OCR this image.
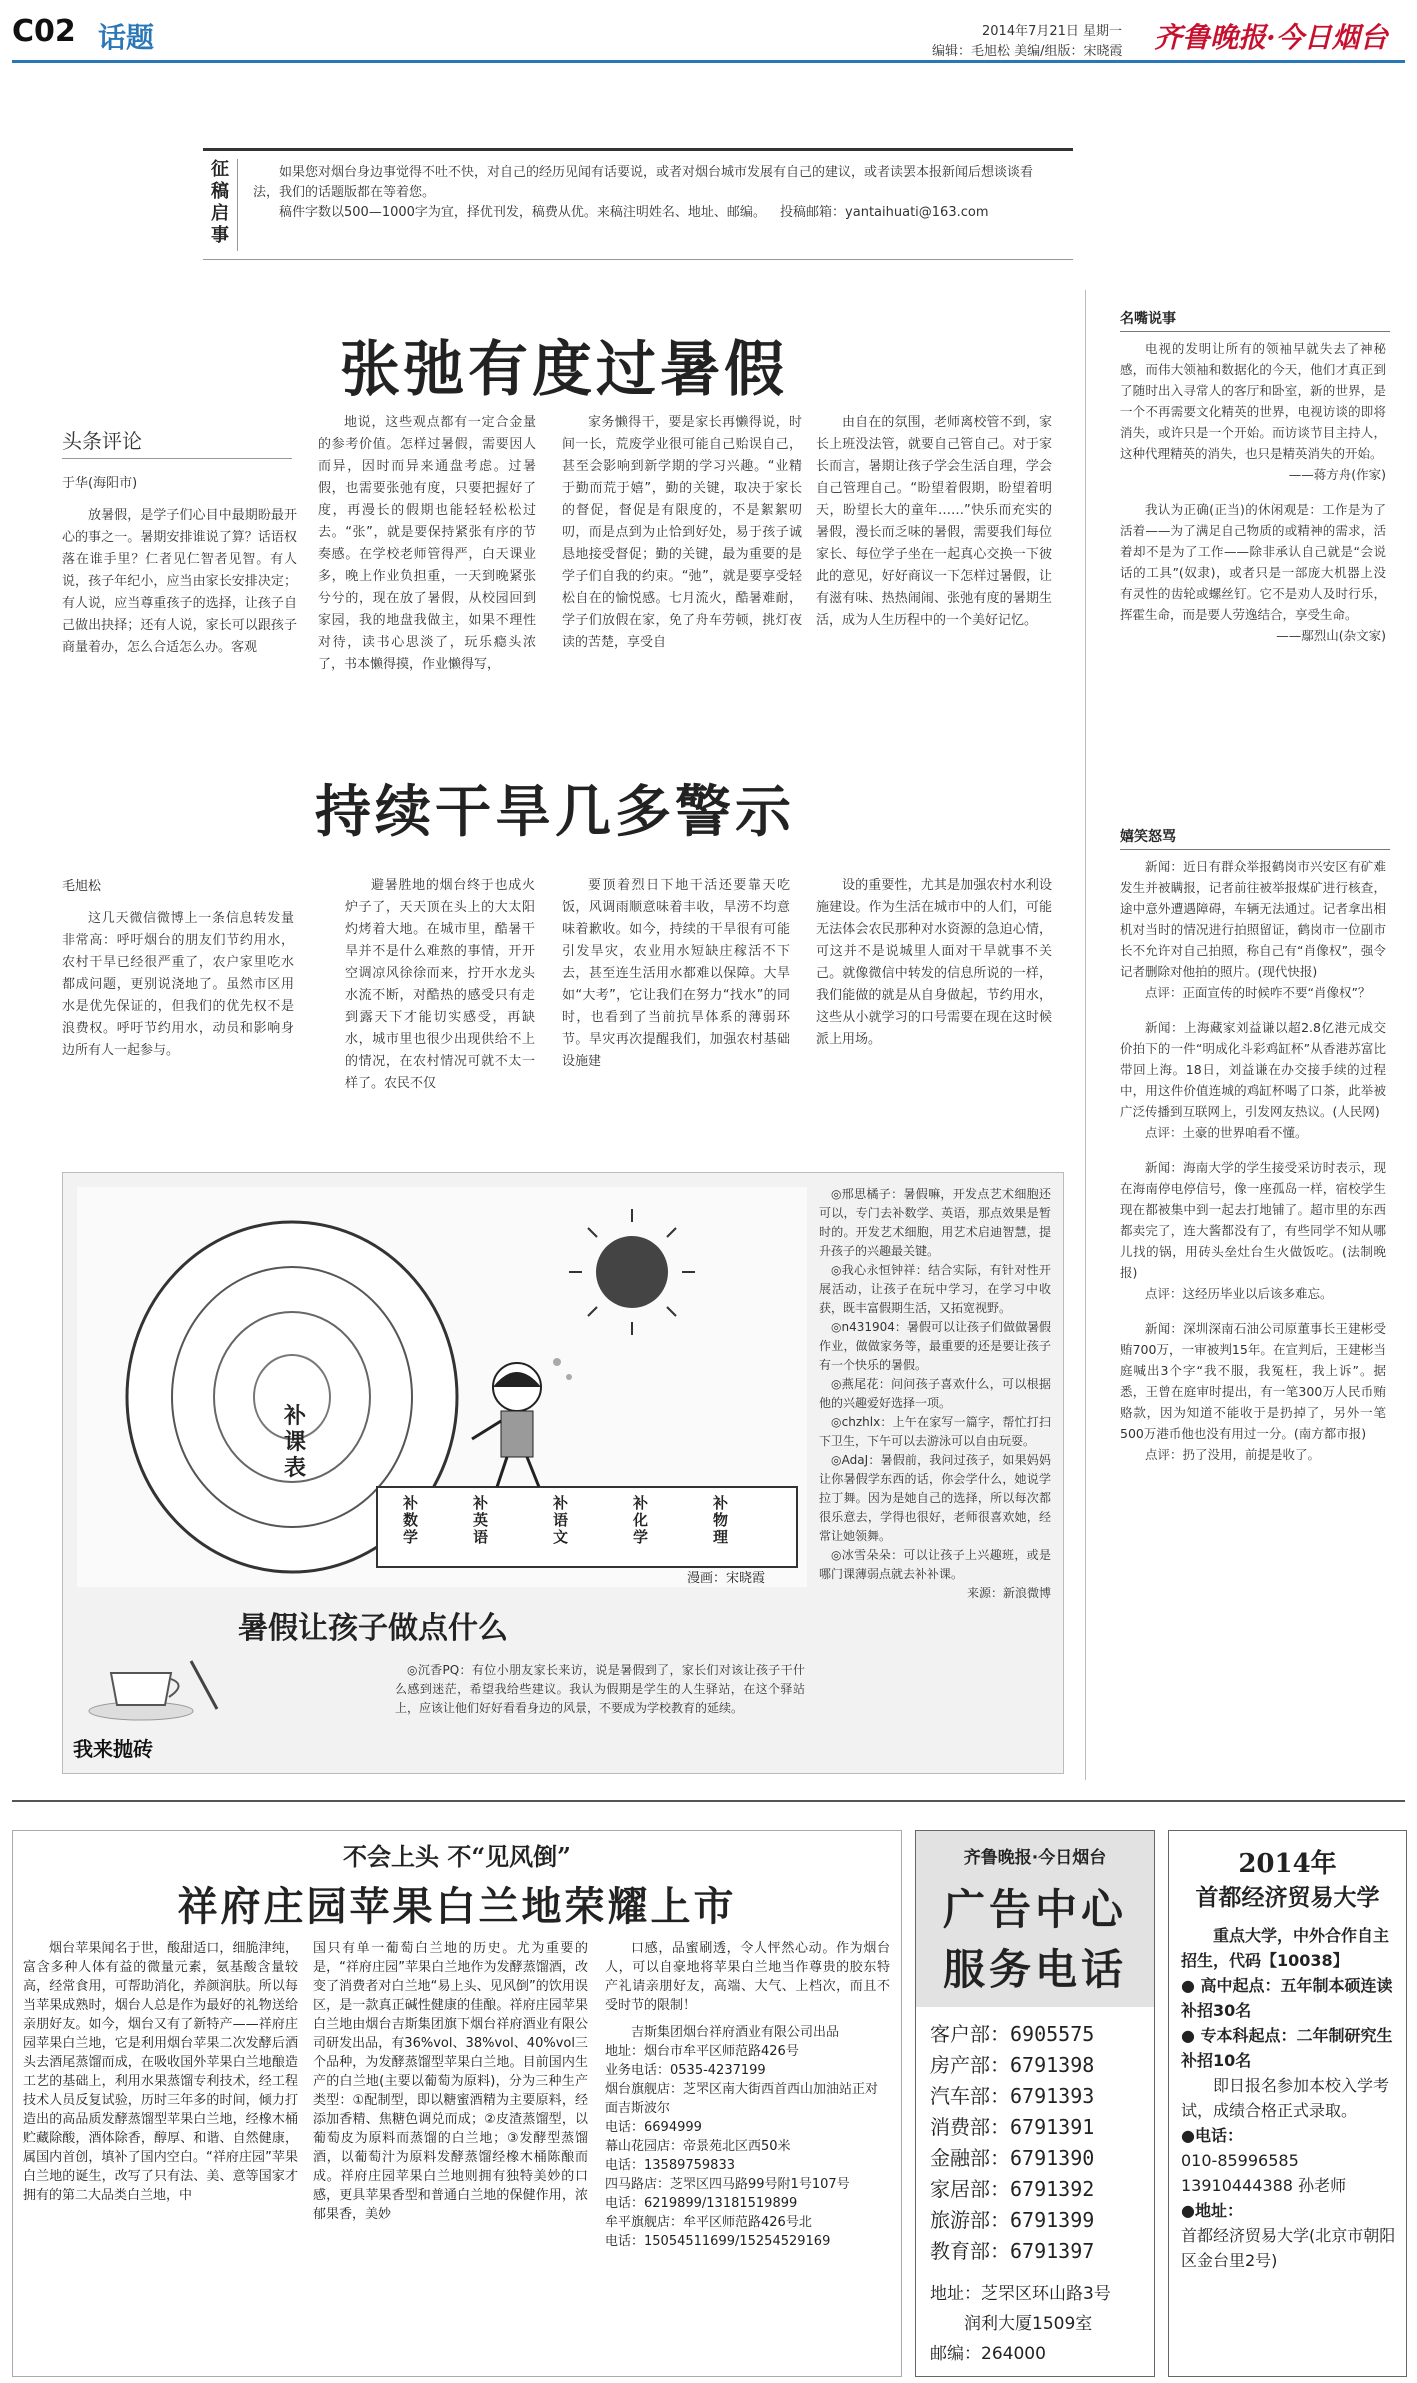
C02 话题	2014年7月21日 星期一
编辑：毛旭松 美编/组版：宋晓霞 齐鲁晚报·今日烟台
征稿启事
如果您对烟台身边事觉得不吐不快，对自己的经历见闻有话要说，或者对烟台城市发展有自己的建议，或者读罢本报新闻后想谈谈看法，我们的话题版都在等着您。
稿件字数以500—1000字为宜，择优刊发，稿费从优。来稿注明姓名、地址、邮编。 投稿邮箱：yantaihuati@163.com
张弛有度过暑假
头条评论
于华(海阳市)

放暑假，是学子们心目中最期盼最开心的事之一。暑期安排谁说了算？话语权落在谁手里？仁者见仁智者见智。有人说，孩子年纪小，应当由家长安排决定；有人说，应当尊重孩子的选择，让孩子自己做出抉择；还有人说，家长可以跟孩子商量着办，怎么合适怎么办。客观

地说，这些观点都有一定合金量的参考价值。怎样过暑假，需要因人而异，因时而异来通盘考虑。过暑假，也需要张弛有度，只要把握好了度，再漫长的假期也能轻轻松松过去。“张”，就是要保持紧张有序的节奏感。在学校老师管得严，白天课业多，晚上作业负担重，一天到晚紧张兮兮的，现在放了暑假，从校园回到家园，我的地盘我做主，如果不理性对待，读书心思淡了，玩乐瘾头浓了，书本懒得摸，作业懒得写，

家务懒得干，要是家长再懒得说，时间一长，荒废学业很可能自己贻误自己，甚至会影响到新学期的学习兴趣。“业精于勤而荒于嬉”，勤的关键，取决于家长的督促，督促是有限度的，不是絮絮叨叨，而是点到为止恰到好处，易于孩子诚恳地接受督促；勤的关键，最为重要的是学子们自我的约束。“弛”，就是要享受轻松自在的愉悦感。七月流火，酷暑难耐，学子们放假在家，免了舟车劳顿，挑灯夜读的苦楚，享受自

由自在的氛围，老师离校管不到，家长上班没法管，就要自己管自己。对于家长而言，暑期让孩子学会生活自理，学会自己管理自己。“盼望着假期，盼望着明天，盼望长大的童年……”快乐而充实的暑假，漫长而乏味的暑假，需要我们每位家长、每位学子坐在一起真心交换一下彼此的意见，好好商议一下怎样过暑假，让有滋有味、热热闹闹、张弛有度的暑期生活，成为人生历程中的一个美好记忆。

持续干旱几多警示
毛旭松

这几天微信微博上一条信息转发量非常高：呼吁烟台的朋友们节约用水，农村干旱已经很严重了，农户家里吃水都成问题，更别说浇地了。虽然市区用水是优先保证的，但我们的优先权不是浪费权。呼吁节约用水，动员和影响身边所有人一起参与。

避暑胜地的烟台终于也成火炉子了，天天顶在头上的大太阳灼烤着大地。在城市里，酷暑干旱并不是什么难熬的事情，开开空调凉风徐徐而来，拧开水龙头水流不断，对酷热的感受只有走到露天下才能切实感受，再缺水，城市里也很少出现供给不上的情况，在农村情况可就不太一样了。农民不仅

要顶着烈日下地干活还要靠天吃饭，风调雨顺意味着丰收，旱涝不均意味着歉收。如今，持续的干旱很有可能引发旱灾，农业用水短缺庄稼活不下去，甚至连生活用水都难以保障。大旱如“大考”，它让我们在努力“找水”的同时，也看到了当前抗旱体系的薄弱环节。旱灾再次提醒我们，加强农村基础设施建

设的重要性，尤其是加强农村水利设施建设。作为生活在城市中的人们，可能无法体会农民那种对水资源的急迫心情，可这并不是说城里人面对干旱就事不关己。就像微信中转发的信息所说的一样，我们能做的就是从自身做起，节约用水，这些从小就学习的口号需要在现在这时候派上用场。

补课表
补数学
补英语
补语文
补化学
补物理
漫画：宋晓霞
暑假让孩子做点什么
◎邢思橘子：暑假嘛，开发点艺术细胞还可以，专门去补数学、英语，那点效果是暂时的。开发艺术细胞，用艺术启迪智慧，提升孩子的兴趣最关键。
◎我心永恒钟祥：结合实际，有针对性开展活动，让孩子在玩中学习，在学习中收获，既丰富假期生活，又拓宽视野。
◎n431904：暑假可以让孩子们做做暑假作业，做做家务等，最重要的还是要让孩子有一个快乐的暑假。
◎燕尾花：问问孩子喜欢什么，可以根据他的兴趣爱好选择一项。
◎chzhlx：上午在家写一篇字，帮忙打扫下卫生，下午可以去游泳可以自由玩耍。
◎AdaJ：暑假前，我问过孩子，如果妈妈让你暑假学东西的话，你会学什么，她说学拉丁舞。因为是她自己的选择，所以每次都很乐意去，学得也很好，老师很喜欢她，经常让她领舞。
◎冰雪朵朵：可以让孩子上兴趣班，或是哪门课薄弱点就去补补课。
来源：新浪微博
我来抛砖
◎沉香PQ：有位小朋友家长来访，说是暑假到了，家长们对该让孩子干什么感到迷茫，希望我给些建议。我认为假期是学生的人生驿站，在这个驿站上，应该让他们好好看看身边的风景，不要成为学校教育的延续。
名嘴说事

电视的发明让所有的领袖早就失去了神秘感，而伟大领袖和数据化的今天，他们才真正到了随时出入寻常人的客厅和卧室，新的世界，是一个不再需要文化精英的世界，电视访谈的即将消失，或许只是一个开始。而访谈节目主持人，这种代理精英的消失，也只是精英消失的开始。

——蒋方舟(作家)

我认为正确(正当)的休闲观是：工作是为了活着——为了满足自己物质的或精神的需求，活着却不是为了工作——除非承认自己就是“会说话的工具”(奴隶)，或者只是一部庞大机器上没有灵性的齿轮或螺丝钉。它不是劝人及时行乐，挥霍生命，而是要人劳逸结合，享受生命。

——鄢烈山(杂文家)
嬉笑怒骂

新闻：近日有群众举报鹤岗市兴安区有矿难发生并被瞒报，记者前往被举报煤矿进行核查，途中意外遭遇障碍，车辆无法通过。记者拿出相机对当时的情况进行拍照留证，鹤岗市一位副市长不允许对自己拍照，称自己有“肖像权”，强令记者删除对他拍的照片。(现代快报)

点评：正面宣传的时候咋不要“肖像权”？

新闻：上海藏家刘益谦以超2.8亿港元成交价拍下的一件“明成化斗彩鸡缸杯”从香港苏富比带回上海。18日，刘益谦在办交接手续的过程中，用这件价值连城的鸡缸杯喝了口茶，此举被广泛传播到互联网上，引发网友热议。(人民网)

点评：土豪的世界咱看不懂。

新闻：海南大学的学生接受采访时表示，现在海南停电停信号，像一座孤岛一样，宿校学生现在都被集中到一起去打地铺了。超市里的东西都卖完了，连大酱都没有了，有些同学不知从哪儿找的锅，用砖头垒灶台生火做饭吃。(法制晚报)

点评：这经历毕业以后该多难忘。

新闻：深圳深南石油公司原董事长王建彬受贿700万，一审被判15年。在宣判后，王建彬当庭喊出3个字“我不服，我冤枉，我上诉”。据悉，王曾在庭审时提出，有一笔300万人民币贿赂款，因为知道不能收于是扔掉了，另外一笔500万港币他也没有用过一分。(南方都市报)

点评：扔了没用，前提是收了。

不会上头 不“见风倒”
祥府庄园苹果白兰地荣耀上市
烟台苹果闻名于世，酸甜适口，细脆津纯，富含多种人体有益的微量元素，氨基酸含量较高，经常食用，可帮助消化，养颜润肤。所以每当苹果成熟时，烟台人总是作为最好的礼物送给亲朋好友。如今，烟台又有了新特产——祥府庄园苹果白兰地，它是利用烟台苹果二次发酵后酒头去酒尾蒸馏而成，在吸收国外苹果白兰地酿造工艺的基础上，利用水果蒸馏专利技术，经工程技术人员反复试验，历时三年多的时间，倾力打造出的高品质发酵蒸馏型苹果白兰地，经橡木桶贮藏除酸，酒体除香，醇厚、和谐、自然健康，属国内首创，填补了国内空白。“祥府庄园”苹果白兰地的诞生，改写了只有法、美、意等国家才拥有的第二大品类白兰地，中
国只有单一葡萄白兰地的历史。尤为重要的是，“祥府庄园”苹果白兰地作为发酵蒸馏酒，改变了消费者对白兰地“易上头、见风倒”的饮用误区，是一款真正碱性健康的佳酿。祥府庄园苹果白兰地由烟台吉斯集团旗下烟台祥府酒业有限公司研发出品，有36%vol、38%vol、40%vol三个品种，为发酵蒸馏型苹果白兰地。目前国内生产的白兰地(主要以葡萄为原料)，分为三种生产类型：①配制型，即以糖蜜酒精为主要原料，经添加香精、焦糖色调兑而成；②皮渣蒸馏型，以葡萄皮为原料而蒸馏的白兰地；③发酵型蒸馏酒，以葡萄汁为原料发酵蒸馏经橡木桶陈酿而成。祥府庄园苹果白兰地则拥有独特美妙的口感，更具苹果香型和普通白兰地的保健作用，浓郁果香，美妙
口感，品蜜刷透，令人怦然心动。作为烟台人，可以自豪地将苹果白兰地当作尊贵的胶东特产礼请亲朋好友，高端、大气、上档次，而且不受时节的限制！
吉斯集团烟台祥府酒业有限公司出品
地址：烟台市牟平区师范路426号
业务电话：0535-4237199
烟台旗舰店：芝罘区南大街西首西山加油站正对面吉斯波尔
电话：6694999
幕山花园店：帝景苑北区西50米
电话：13589759833
四马路店：芝罘区四马路99号附1号107号
电话：6219899/13181519899
牟平旗舰店：牟平区师范路426号北
电话：15054511699/15254529169
齐鲁晚报·今日烟台
广告中心
服务电话
客户部：6905575
房产部：6791398
汽车部：6791393
消费部：6791391
金融部：6791390
家居部：6791392
旅游部：6791399
教育部：6791397
地址：芝罘区环山路3号
润利大厦1509室
邮编：264000
2014年
首都经济贸易大学
重点大学，中外合作自主招生，代码【10038】
● 高中起点：五年制本硕连读补招30名
● 专本科起点：二年制研究生补招10名
即日报名参加本校入学考试，成绩合格正式录取。
●电话：
010-85996585
13910444388 孙老师
●地址：
首都经济贸易大学(北京市朝阳区金台里2号)
